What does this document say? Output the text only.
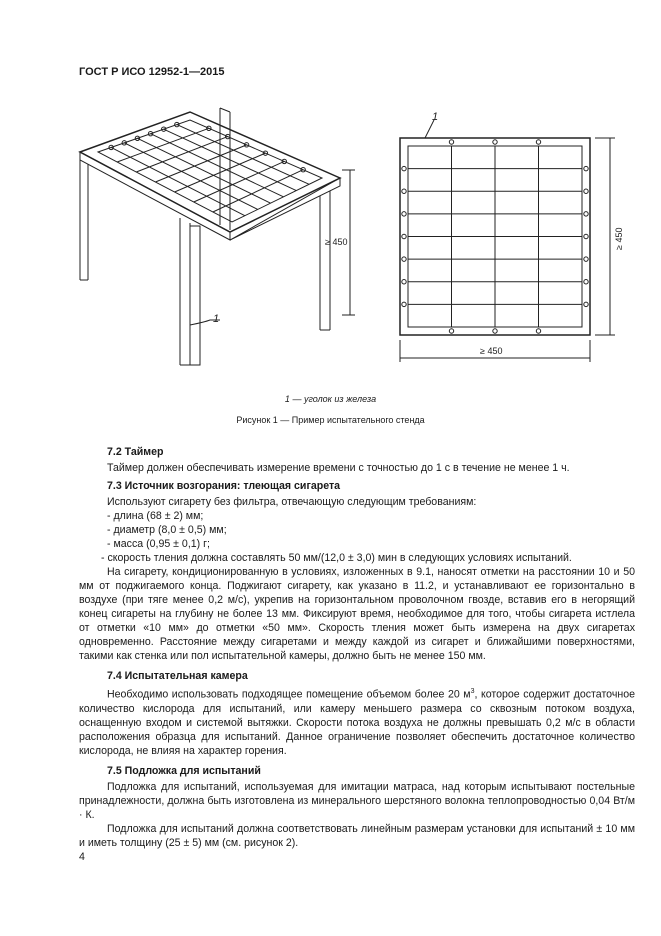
ГОСТ Р ИСО 12952-1—2015
1
≥ 450
1
≥ 450
≥ 450
1 — уголок из железа
Рисунок 1 — Пример испытательного стенда

7.2 Таймер

Таймер должен обеспечивать измерение времени с точностью до 1 с в течение не менее 1 ч.

7.3 Источник возгорания: тлеющая сигарета

Используют сигарету без фильтра, отвечающую следующим требованиям:

- длина (68 ± 2) мм;

- диаметр (8,0 ± 0,5) мм;

- масса (0,95 ± 0,1) г;

- скорость тления должна составлять 50 мм/(12,0 ± 3,0) мин в следующих условиях испытаний.

На сигарету, кондиционированную в условиях, изложенных в 9.1, наносят отметки на расстоянии 10 и 50 мм от поджигаемого конца. Поджигают сигарету, как указано в 11.2, и устанавливают ее горизонтально в воздухе (при тяге менее 0,2 м/с), укрепив на горизонтальном проволочном гвозде, вставив его в негорящий конец сигареты на глубину не более 13 мм. Фиксируют время, необходимое для того, чтобы сигарета истлела от отметки «10 мм» до отметки «50 мм». Скорость тления может быть измерена на двух сигаретах одновременно. Расстояние между сигаретами и между каждой из сигарет и ближайшими поверхностями, такими как стенка или пол испытательной камеры, должно быть не менее 150 мм.

7.4 Испытательная камера

Необходимо использовать подходящее помещение объемом более 20 $м^3$, которое содержит достаточное количество кислорода для испытаний, или камеру меньшего размера со сквозным потоком воздуха, оснащенную входом и системой вытяжки. Скорости потока воздуха не должны превышать 0,2 м/с в области расположения образца для испытаний. Данное ограничение позволяет обеспечить достаточное количество кислорода, не влияя на характер горения.

7.5 Подложка для испытаний

Подложка для испытаний, используемая для имитации матраса, над которым испытывают постельные принадлежности, должна быть изготовлена из минерального шерстяного волокна теплопроводностью 0,04 Вт/м · К.

Подложка для испытаний должна соответствовать линейным размерам установки для испытаний ± 10 мм и иметь толщину (25 ± 5) мм (см. рисунок 2).

4
